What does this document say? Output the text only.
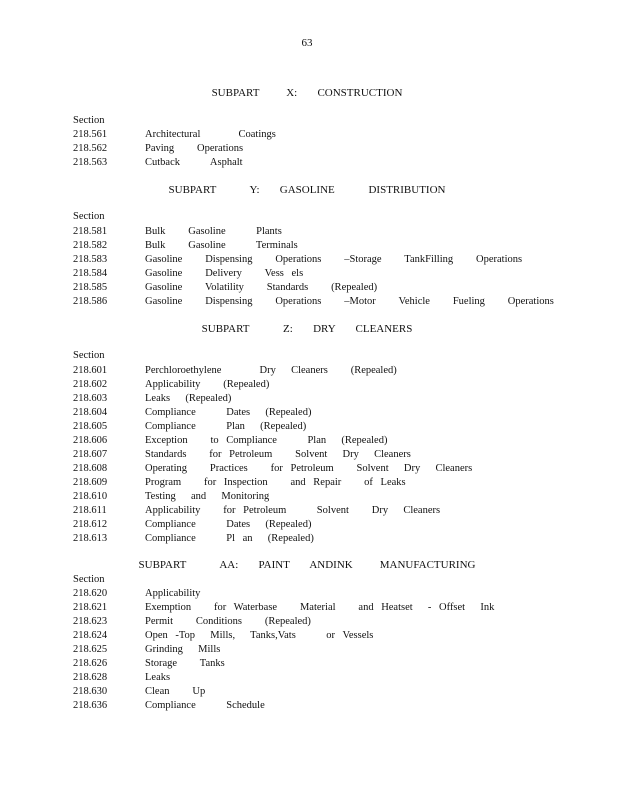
63
SUBPART    X:   CONSTRUCTION
Section
218.561	Architectural     Coatings
218.562	Paving   Operations
218.563	Cutback    Asphalt
SUBPART     Y:   GASOLINE     DISTRIBUTION
Section
218.581	Bulk   Gasoline    Plants
218.582	Bulk   Gasoline    Terminals
218.583	Gasoline   Dispensing   Operations   –Storage   TankFilling   Operations
218.584	Gasoline   Delivery   Vess els
218.585	Gasoline   Volatility   Standards   (Repealed)
218.586	Gasoline   Dispensing   Operations   –Motor   Vehicle   Fueling   Operations
SUBPART     Z:   DRY   CLEANERS
Section
218.601	Perchloroethylene     Dry  Cleaners   (Repealed)
218.602	Applicability   (Repealed)
218.603	Leaks  (Repealed)
218.604	Compliance    Dates  (Repealed)
218.605	Compliance    Plan  (Repealed)
218.606	Exception   to Compliance    Plan  (Repealed)
218.607	Standards   for Petroleum   Solvent  Dry  Cleaners
218.608	Operating   Practices   for Petroleum   Solvent  Dry  Cleaners
218.609	Program   for Inspection   and Repair   of Leaks
218.610	Testing  and  Monitoring
218.611	Applicability   for Petroleum    Solvent   Dry  Cleaners
218.612	Compliance    Dates  (Repealed)
218.613	Compliance    Pl an  (Repealed)
SUBPART     AA:   PAINT   ANDINK    MANUFACTURING
Section
218.620	Applicability
218.621	Exemption   for Waterbase   Material   and Heatset  - Offset  Ink
218.623	Permit   Conditions   (Repealed)
218.624	Open -Top  Mills,  Tanks,Vats    or Vessels
218.625	Grinding  Mills
218.626	Storage   Tanks
218.628	Leaks
218.630	Clean   Up
218.636	Compliance    Schedule
